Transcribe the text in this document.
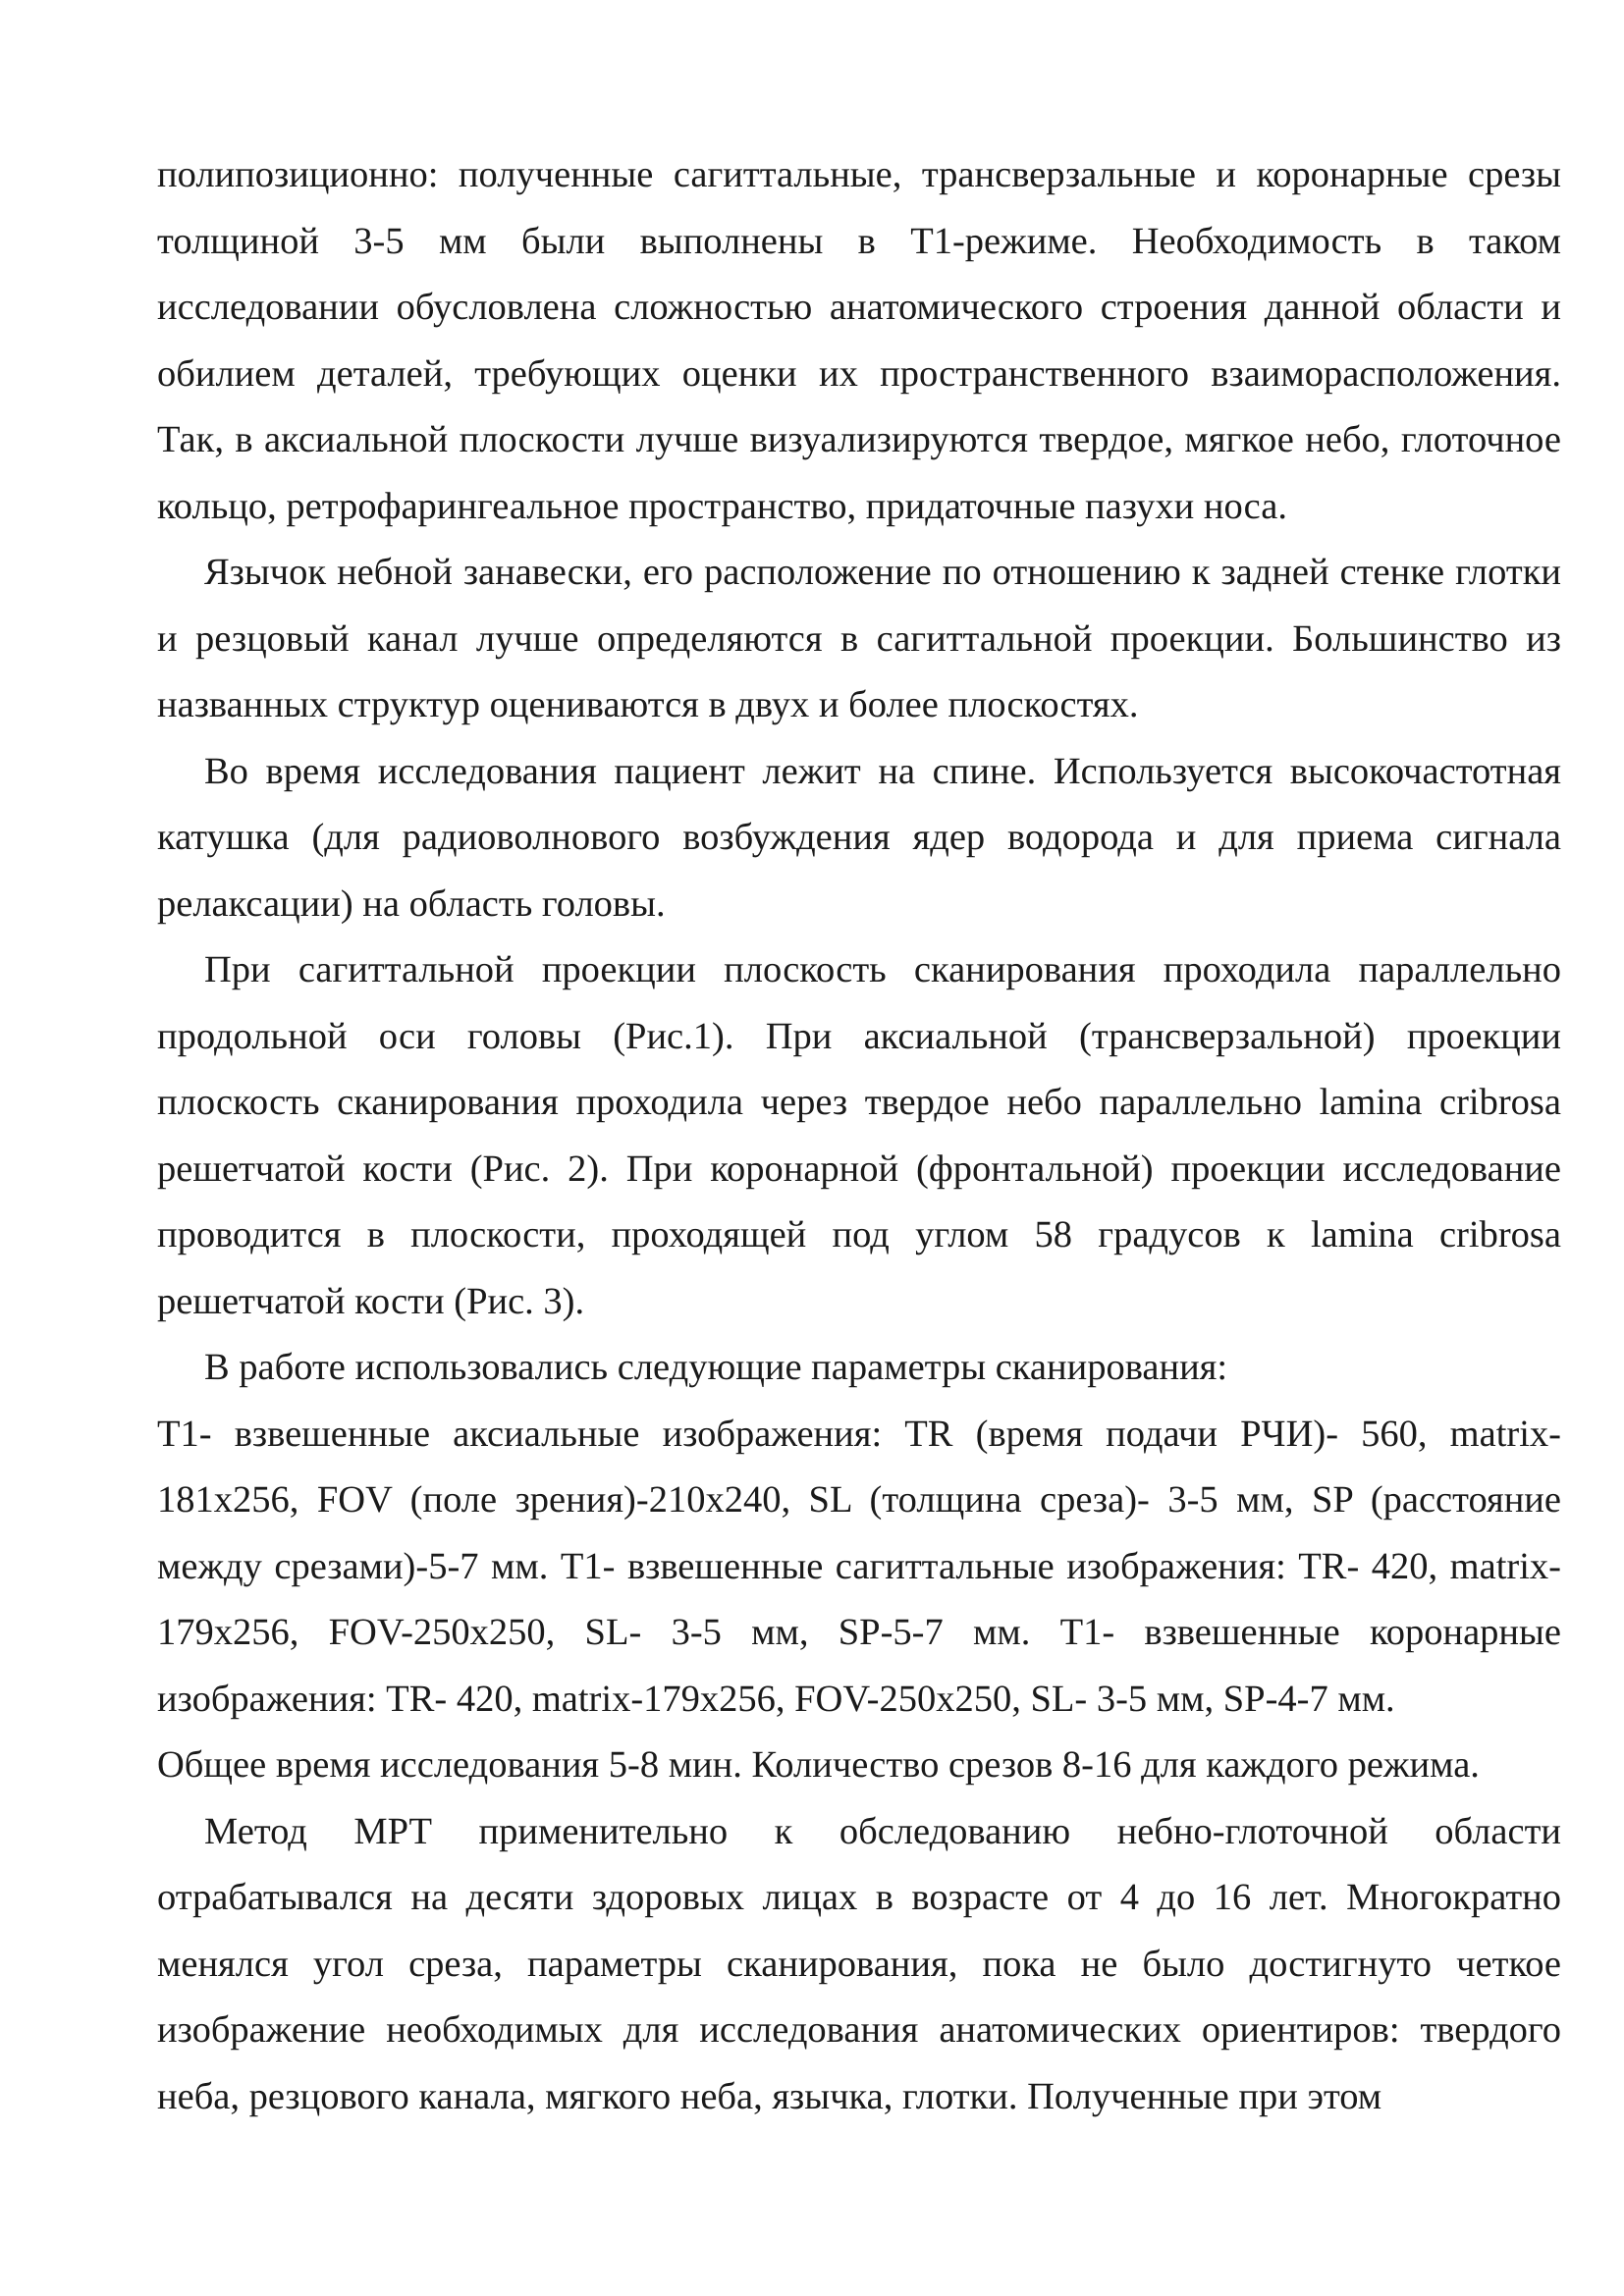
полипозиционно: полученные сагиттальные, трансверзальные и коронарные срезы толщиной 3-5 мм были выполнены в Т1-режиме. Необходимость в таком исследовании обусловлена сложностью анатомического строения данной области и обилием деталей, требующих оценки их пространственного взаиморасположения. Так, в аксиальной плоскости лучше визуализируются твердое, мягкое небо, глоточное кольцо, ретрофарингеальное пространство, придаточные пазухи носа.

Язычок небной занавески, его расположение по отношению к задней стенке глотки и резцовый канал лучше определяются в сагиттальной проекции. Большинство из названных структур оцениваются в двух и более плоскостях.

Во время исследования пациент лежит на спине. Используется высокочастотная катушка (для радиоволнового возбуждения ядер водорода и для приема сигнала релаксации) на область головы.

При сагиттальной проекции плоскость сканирования проходила параллельно продольной оси головы (Рис.1). При аксиальной (трансверзальной) проекции плоскость сканирования проходила через твердое небо параллельно lamina cribrosa решетчатой кости (Рис. 2). При коронарной (фронтальной) проекции исследование проводится в плоскости, проходящей под углом 58 градусов к lamina cribrosa решетчатой кости (Рис. 3).

В работе использовались следующие параметры сканирования:

Т1- взвешенные аксиальные изображения: TR (время подачи РЧИ)- 560, matrix-181x256, FOV (поле зрения)-210x240, SL (толщина среза)- 3-5 мм, SP (расстояние между срезами)-5-7 мм. Т1- взвешенные сагиттальные изображения: TR- 420, matrix-179x256, FOV-250x250, SL- 3-5 мм, SP-5-7 мм. Т1- взвешенные коронарные изображения: TR- 420, matrix-179x256, FOV-250x250, SL- 3-5 мм, SP-4-7 мм.

Общее время исследования 5-8 мин. Количество срезов 8-16 для каждого режима.

Метод МРТ применительно к обследованию небно-глоточной области отрабатывался на десяти здоровых лицах в возрасте от 4 до 16 лет. Многократно менялся угол среза, параметры сканирования, пока не было достигнуто четкое изображение необходимых для исследования анатомических ориентиров: твердого неба, резцового канала, мягкого неба, язычка, глотки. Полученные при этом
